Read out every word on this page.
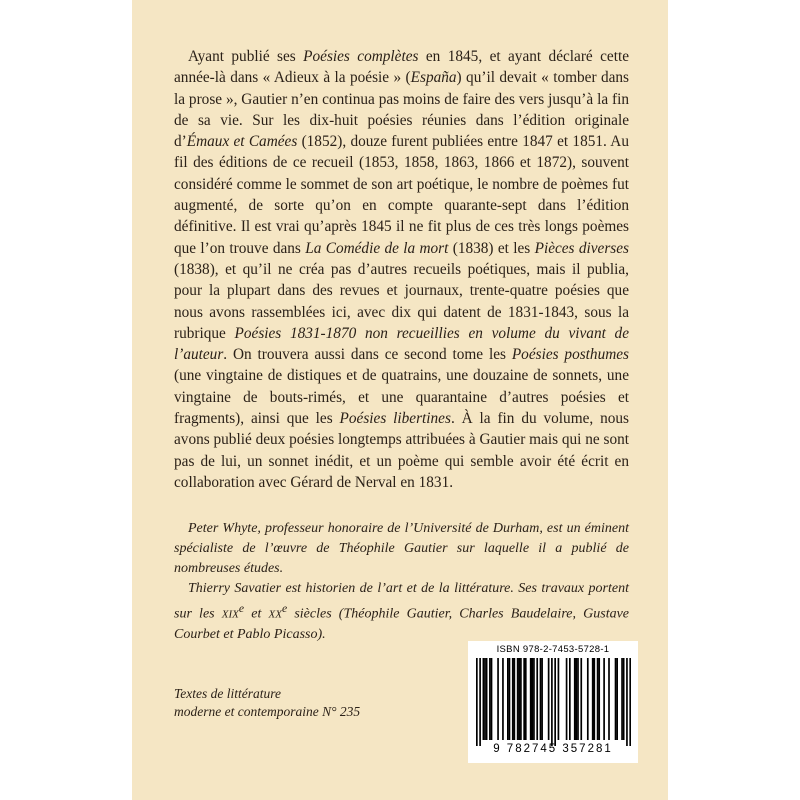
Ayant publié ses Poésies complètes en 1845, et ayant déclaré cette année-là dans « Adieux à la poésie » (España) qu’il devait « tomber dans la prose », Gautier n’en continua pas moins de faire des vers jusqu’à la fin de sa vie. Sur les dix-huit poésies réunies dans l’édition originale d’Émaux et Camées (1852), douze furent publiées entre 1847 et 1851. Au fil des éditions de ce recueil (1853, 1858, 1863, 1866 et 1872), souvent considéré comme le sommet de son art poétique, le nombre de poèmes fut augmenté, de sorte qu’on en compte quarante-sept dans l’édition définitive. Il est vrai qu’après 1845 il ne fit plus de ces très longs poèmes que l’on trouve dans La Comédie de la mort (1838) et les Pièces diverses (1838), et qu’il ne créa pas d’autres recueils poétiques, mais il publia, pour la plupart dans des revues et journaux, trente-quatre poésies que nous avons rassemblées ici, avec dix qui datent de 1831-1843, sous la rubrique Poésies 1831-1870 non recueillies en volume du vivant de l’auteur. On trouvera aussi dans ce second tome les Poésies posthumes (une vingtaine de distiques et de quatrains, une douzaine de sonnets, une vingtaine de bouts-rimés, et une quarantaine d’autres poésies et fragments), ainsi que les Poésies libertines. À la fin du volume, nous avons publié deux poésies longtemps attribuées à Gautier mais qui ne sont pas de lui, un sonnet inédit, et un poème qui semble avoir été écrit en collaboration avec Gérard de Nerval en 1831.

Peter Whyte, professeur honoraire de l’Université de Durham, est un éminent spécialiste de l’œuvre de Théophile Gautier sur laquelle il a publié de nombreuses études.

Thierry Savatier est historien de l’art et de la littérature. Ses travaux portent sur les XIXe et XXe siècles (Théophile Gautier, Charles Baudelaire, Gustave Courbet et Pablo Picasso).

Textes de littérature
moderne et contemporaine N° 235
ISBN 978-2-7453-5728-1
9 782745 357281
